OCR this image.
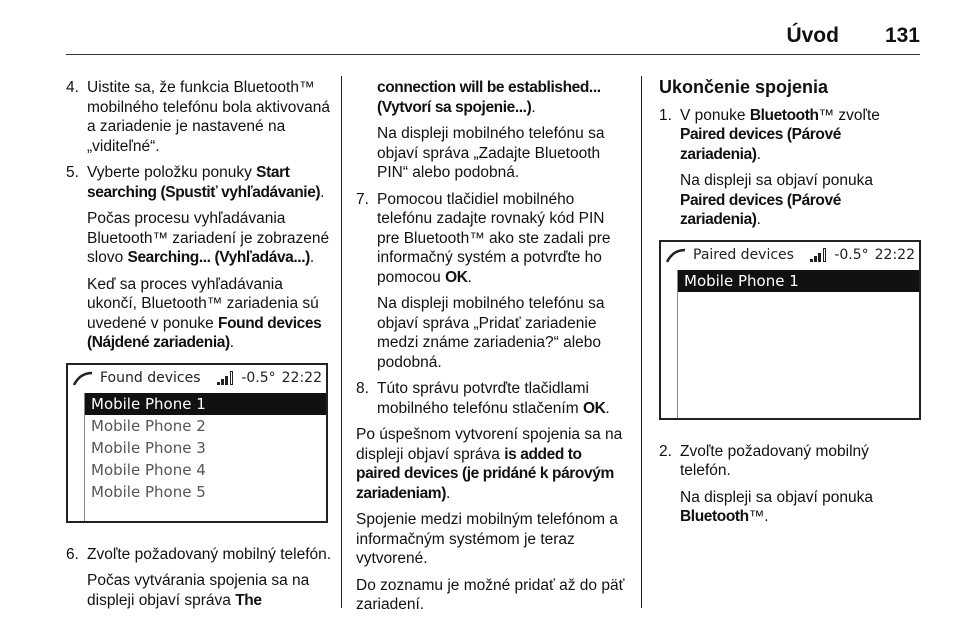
Úvod 131
4. Uistite sa, že funkcia Bluetooth™ mobilného telefónu bola aktivovaná a zariadenie je nastavené na „viditeľné“.

5. Vyberte položku ponuky Start searching (Spustiť vyhľadávanie).

Počas procesu vyhľadávania Bluetooth™ zariadení je zobrazené slovo Searching... (Vyhľadáva...).

Keď sa proces vyhľadávania ukončí, Bluetooth™ zariadenia sú uvedené v ponuke Found devices (Nájdené zariadenia).

Found devices	-0.5° 22:22
Mobile Phone 1
Mobile Phone 2
Mobile Phone 3
Mobile Phone 4
Mobile Phone 5
6. Zvoľte požadovaný mobilný telefón.

Počas vytvárania spojenia sa na displeji objaví správa The

connection will be established... (Vytvorí sa spojenie...).

Na displeji mobilného telefónu sa objaví správa „Zadajte Bluetooth PIN“ alebo podobná.

7. Pomocou tlačidiel mobilného telefónu zadajte rovnaký kód PIN pre Bluetooth™ ako ste zadali pre informačný systém a potvrďte ho pomocou OK.

Na displeji mobilného telefónu sa objaví správa „Pridať zariadenie medzi známe zariadenia?“ alebo podobná.

8. Túto správu potvrďte tlačidlami mobilného telefónu stlačením OK.

Po úspešnom vytvorení spojenia sa na displeji objaví správa is added to paired devices (je pridáné k párovým zariadeniam).

Spojenie medzi mobilným telefónom a informačným systémom je teraz vytvorené.

Do zoznamu je možné pridať až do päť zariadení.

Ukončenie spojenia
1. V ponuke Bluetooth™ zvoľte Paired devices (Párové zariadenia).

Na displeji sa objaví ponuka Paired devices (Párové zariadenia).

Paired devices	-0.5° 22:22
Mobile Phone 1
2. Zvoľte požadovaný mobilný telefón.

Na displeji sa objaví ponuka Bluetooth™.
